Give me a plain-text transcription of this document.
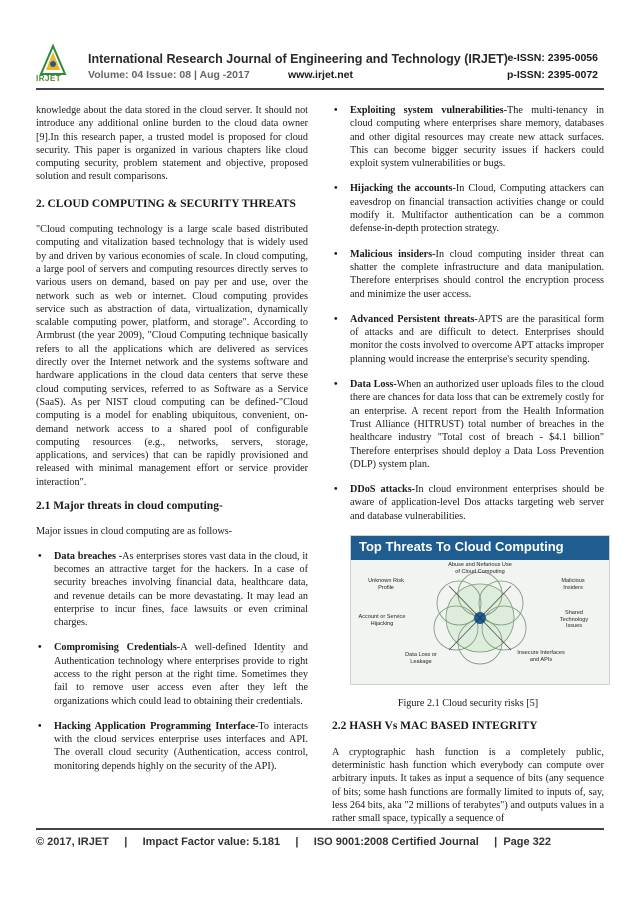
IRJET
International Research Journal of Engineering and Technology (IRJET) e-ISSN: 2395-0056
Volume: 04 Issue: 08 | Aug -2017	www.irjet.net	p-ISSN: 2395-0072

knowledge about the data stored in the cloud server. It should not introduce any additional online burden to the cloud data owner [9].In this research paper, a trusted model is proposed for cloud security. This paper is organized in various chapters like cloud computing security, problem statement and objective, proposed solution and result comparisons.

2. CLOUD COMPUTING & SECURITY THREATS

"Cloud computing technology is a large scale based distributed computing and vitalization based technology that is widely used by and driven by various economies of scale. In cloud computing, a large pool of servers and computing resources directly serves to various users on demand, based on pay per and use, over the network such as web or internet. Cloud computing provides service such as abstraction of data, virtualization, dynamically scalable computing power, platform, and storage". According to Armbrust (the year 2009), "Cloud Computing technique basically refers to all the applications which are delivered as services directly over the Internet network and the systems software and hardware applications in the cloud data centers that serve these cloud computing services, referred to as Software as a Service (SaaS). As per NIST cloud computing can be defined-"Cloud computing is a model for enabling ubiquitous, convenient, on-demand network access to a shared pool of configurable computing resources (e.g., networks, servers, storage, applications, and services) that can be rapidly provisioned and released with minimal management effort or service provider interaction".

2.1 Major threats in cloud computing-

Major issues in cloud computing are as follows-

• Data breaches -As enterprises stores vast data in the cloud, it becomes an attractive target for the hackers. In a case of security breaches involving financial data, healthcare data, and revenue details can be more devastating. It may lead an enterprise to incur fines, face lawsuits or even criminal charges.
• Compromising Credentials-A well-defined Identity and Authentication technology where enterprises provide to right access to the right person at the right time. Sometimes they fail to remove user access even after they left the organizations which could lead to obtaining their credentials.
• Hacking Application Programming Interface-To interacts with the cloud services enterprise uses interfaces and API. The overall cloud security (Authentication, access control, monitoring depends highly on the security of the API).
• Exploiting system vulnerabilities-The multi-tenancy in cloud computing where enterprises share memory, databases and other digital resources may create new attack surfaces. This can become bigger security issues if hackers could exploit system vulnerabilities or bugs.
• Hijacking the accounts-In Cloud, Computing attackers can eavesdrop on financial transaction activities change or could modify it. Multifactor authentication can be a common defense-in-depth protection strategy.
• Malicious insiders-In cloud computing insider threat can shatter the complete infrastructure and data manipulation. Therefore enterprises should control the encryption process and minimize the user access.
• Advanced Persistent threats-APTS are the parasitical form of attacks and are difficult to detect. Enterprises should monitor the costs involved to overcome APT attacks improper planning would increase the enterprise's security spending.
• Data Loss-When an authorized user uploads files to the cloud there are chances for data loss that can be extremely costly for an enterprise. A recent report from the Health Information Trust Alliance (HITRUST) total number of breaches in the healthcare industry "Total cost of breach - $4.1 billion" Therefore enterprises should deploy a Data Loss Prevention (DLP) system plan.
• DDoS attacks-In cloud environment enterprises should be aware of application-level Dos attacks targeting web server and database vulnerabilities.
Top Threats To Cloud Computing
Abuse and Nefarious Use of Cloud Computing
Unknown Risk Profile
Malicious Insiders
Account or Service Hijacking
Shared Technology Issues
Data Loss or Leakage
Insecure Interfaces and APIs
Figure 2.1 Cloud security risks [5]
2.2 HASH Vs MAC BASED INTEGRITY

A cryptographic hash function is a completely public, deterministic hash function which everybody can compute over arbitrary inputs. It takes as input a sequence of bits (any sequence of bits; some hash functions are formally limited to inputs of, say, less 264 bits, aka "2 millions of terabytes") and outputs values in a rather small space, typically a sequence of

© 2017, IRJET     |     Impact Factor value: 5.181     |     ISO 9001:2008 Certified Journal     |  Page 322
